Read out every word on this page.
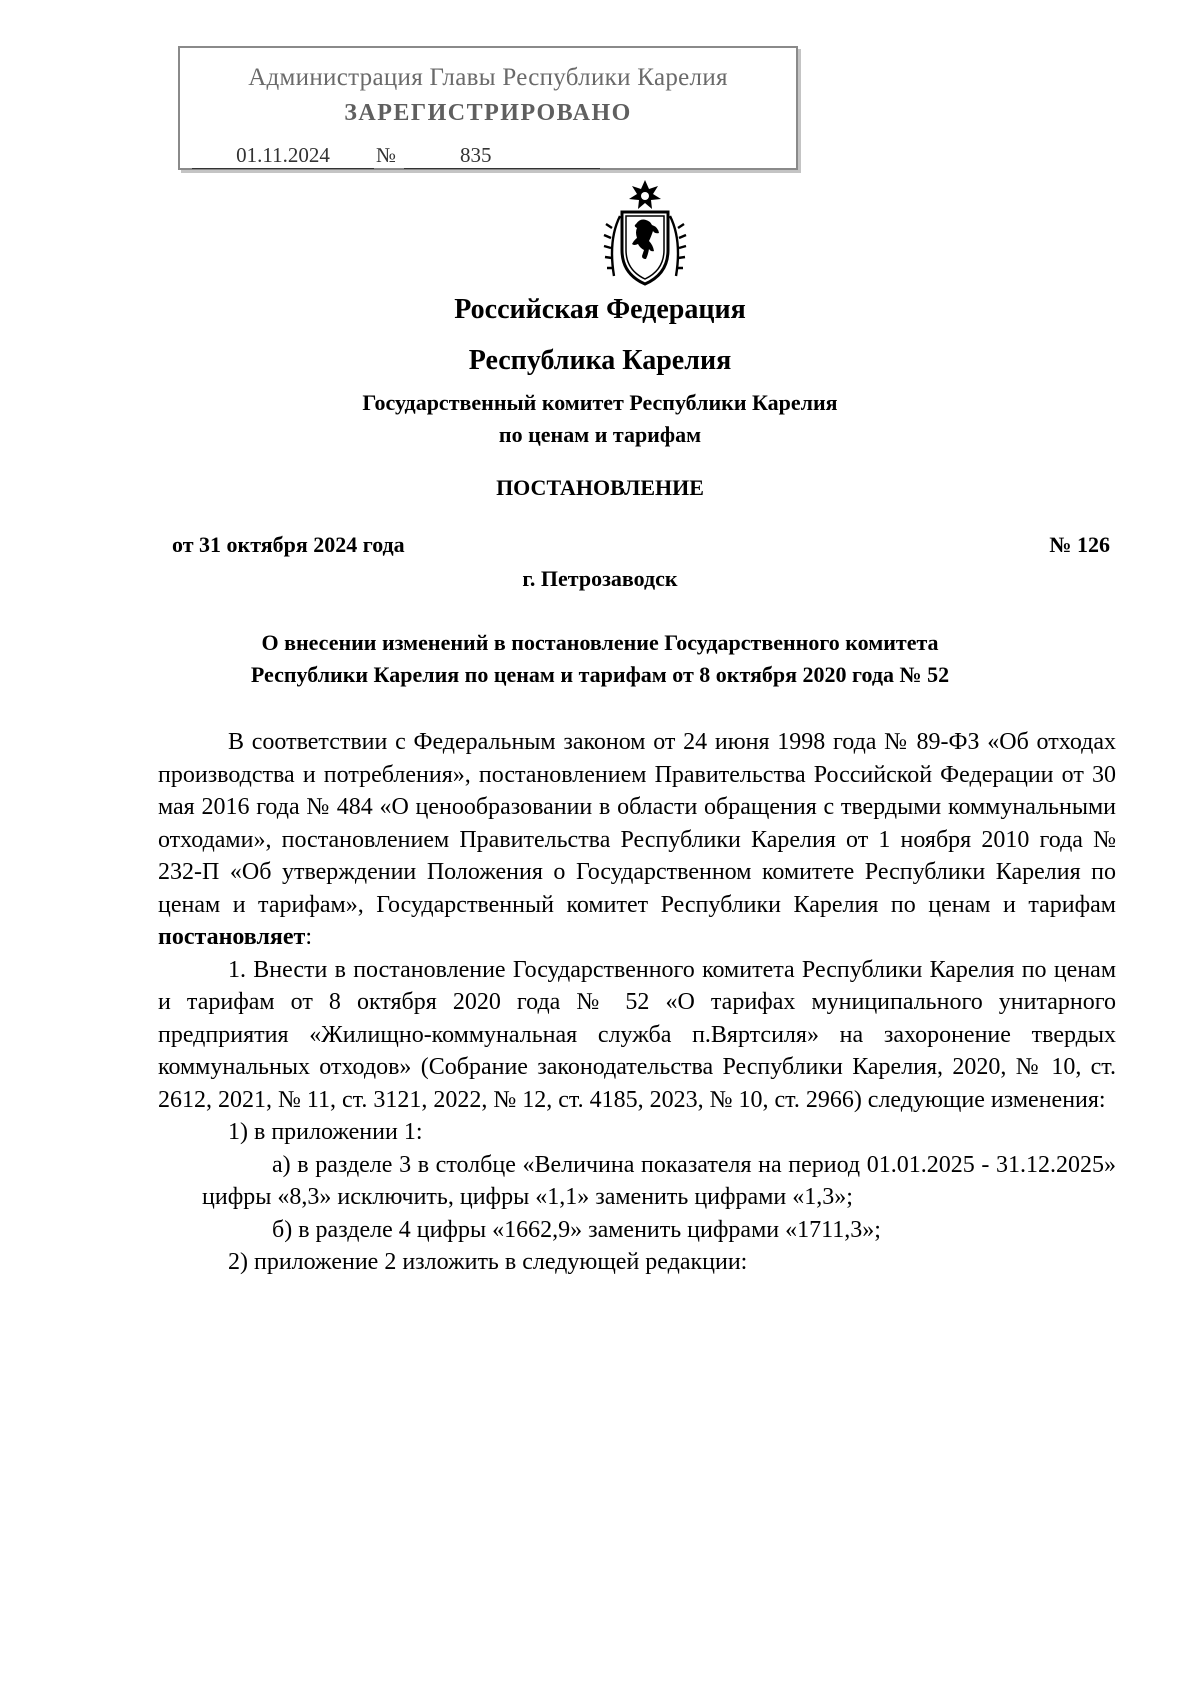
Администрация Главы Республики Карелия
ЗАРЕГИСТРИРОВАНО
01.11.2024	№	835
Российская Федерация
Республика Карелия
Государственный комитет Республики Карелия
по ценам и тарифам
ПОСТАНОВЛЕНИЕ
от 31 октября 2024 года	№ 126
г. Петрозаводск
О внесении изменений в постановление Государственного комитета
Республики Карелия по ценам и тарифам от 8 октября 2020 года № 52

В соответствии с Федеральным законом от 24 июня 1998 года № 89-ФЗ «Об отходах производства и потребления», постановлением Правительства Российской Федерации от 30 мая 2016 года № 484 «О ценообразовании в области обращения с твердыми коммунальными отходами», постановлением Правительства Республики Карелия от 1 ноября 2010 года № 232-П «Об утверждении Положения о Государственном комитете Республики Карелия по ценам и тарифам», Государственный комитет Республики Карелия по ценам и тарифам постановляет:

1. Внести в постановление Государственного комитета Республики Карелия по ценам и тарифам от 8 октября 2020 года № 52 «О тарифах муниципального унитарного предприятия «Жилищно-коммунальная служба п.Вяртсиля» на захоронение твердых коммунальных отходов» (Собрание законодательства Республики Карелия, 2020, № 10, ст. 2612, 2021, № 11, ст. 3121, 2022, № 12, ст. 4185, 2023, № 10, ст. 2966) следующие изменения:

1) в приложении 1:

а) в разделе 3 в столбце «Величина показателя на период 01.01.2025 - 31.12.2025» цифры «8,3» исключить, цифры «1,1» заменить цифрами «1,3»;

б) в разделе 4 цифры «1662,9» заменить цифрами «1711,3»;

2) приложение 2 изложить в следующей редакции:
